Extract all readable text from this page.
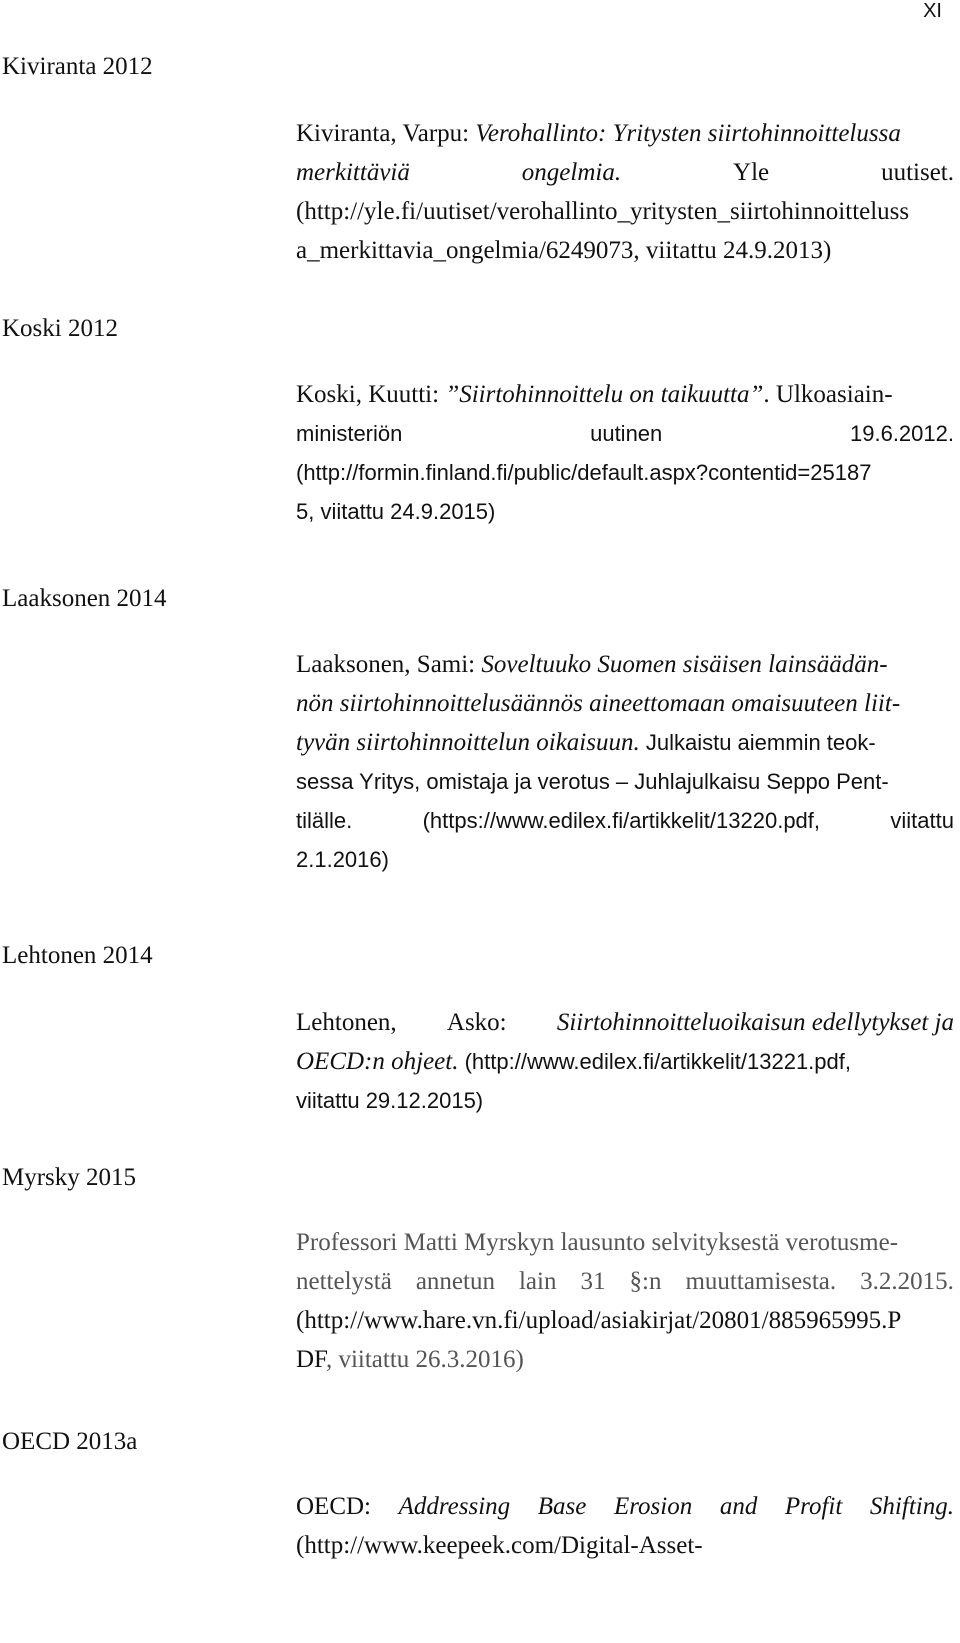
XI
Kiviranta 2012
Kiviranta, Varpu: Verohallinto: Yritysten siirtohinnoittelussa
merkittäviä	ongelmia.	Yle	uutiset.
(http://yle.fi/uutiset/verohallinto_yritysten_siirtohinnoitteluss
a_merkittavia_ongelmia/6249073, viitattu 24.9.2013)
Koski 2012
Koski, Kuutti: ”Siirtohinnoittelu on taikuutta”. Ulkoasiain-
ministeriön	uutinen	19.6.2012.
(http://formin.finland.fi/public/default.aspx?contentid=25187
5, viitattu 24.9.2015)
Laaksonen 2014
Laaksonen, Sami: Soveltuuko Suomen sisäisen lainsäädän-
nön siirtohinnoittelusäännös aineettomaan omaisuuteen liit-
tyvän siirtohinnoittelun oikaisuun. Julkaistu aiemmin teok-
sessa Yritys, omistaja ja verotus – Juhlajulkaisu Seppo Pent-
tilälle.	(https://www.edilex.fi/artikkelit/13220.pdf,	viitattu
2.1.2016)
Lehtonen 2014
Lehtonen, Asko: Siirtohinnoitteluoikaisun edellytykset ja
OECD:n ohjeet. (http://www.edilex.fi/artikkelit/13221.pdf,
viitattu 29.12.2015)
Myrsky 2015
Professori Matti Myrskyn lausunto selvityksestä verotusme-
nettelystä annetun lain 31 §:n muuttamisesta. 3.2.2015.
(http://www.hare.vn.fi/upload/asiakirjat/20801/885965995.P
DF, viitattu 26.3.2016)
OECD 2013a
OECD: Addressing Base Erosion and Profit Shifting.
(http://www.keepeek.com/Digital-Asset-
